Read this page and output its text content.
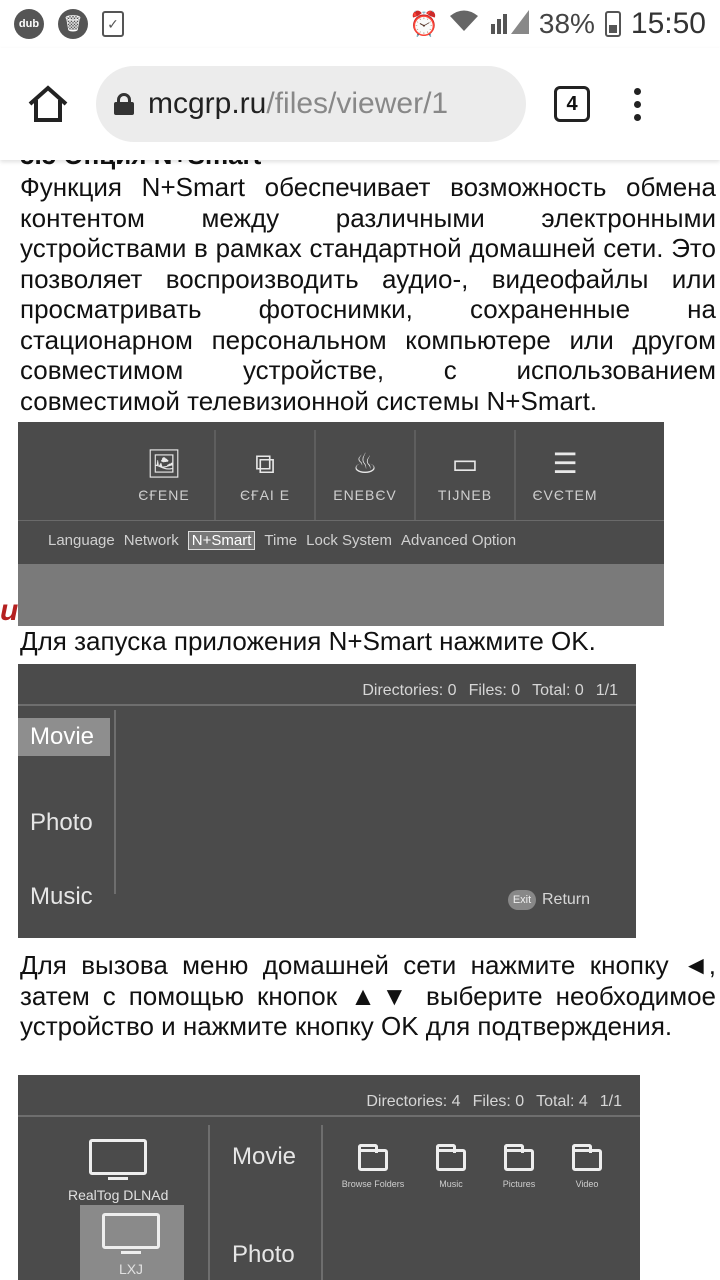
dub	🗑	✓	⏰	38% 15:50
mcgrp.ru /files/viewer/1	4
Функция N+Smart обеспечивает возможность обмена контентом между различными электронными устройствами в рамках стандартной домашней сети. Это позволяет воспроизводить аудио-, видеофайлы или просматривать фотоснимки, сохраненные на стационарном персональном компьютере или другом совместимом устройстве, с использованием совместимой телевизионной системы N+Smart.
🖼
ЄҒЕNЕ
⧉
ЄҒАI Е
♨
ЕNЕВЄV
▭
ТIJNЕВ
☰
ЄVЄТЕМ
Language Network N+Smart Time Lock System Advanced Option
u
Для запуска приложения N+Smart нажмите OK.
Directories: 0 Files: 0 Total: 0 1/1
Movie
Photo
Music	Exit Return
Для вызова меню домашней сети нажмите кнопку ◄, затем с помощью кнопок ▲▼ выберите необходимое устройство и нажмите кнопку OK для подтверждения.
Directories: 4 Files: 0 Total: 4 1/1
RealTog DLNAd
LXJ
Movie
Photo
Browse Folders	Music	Pictures	Video
